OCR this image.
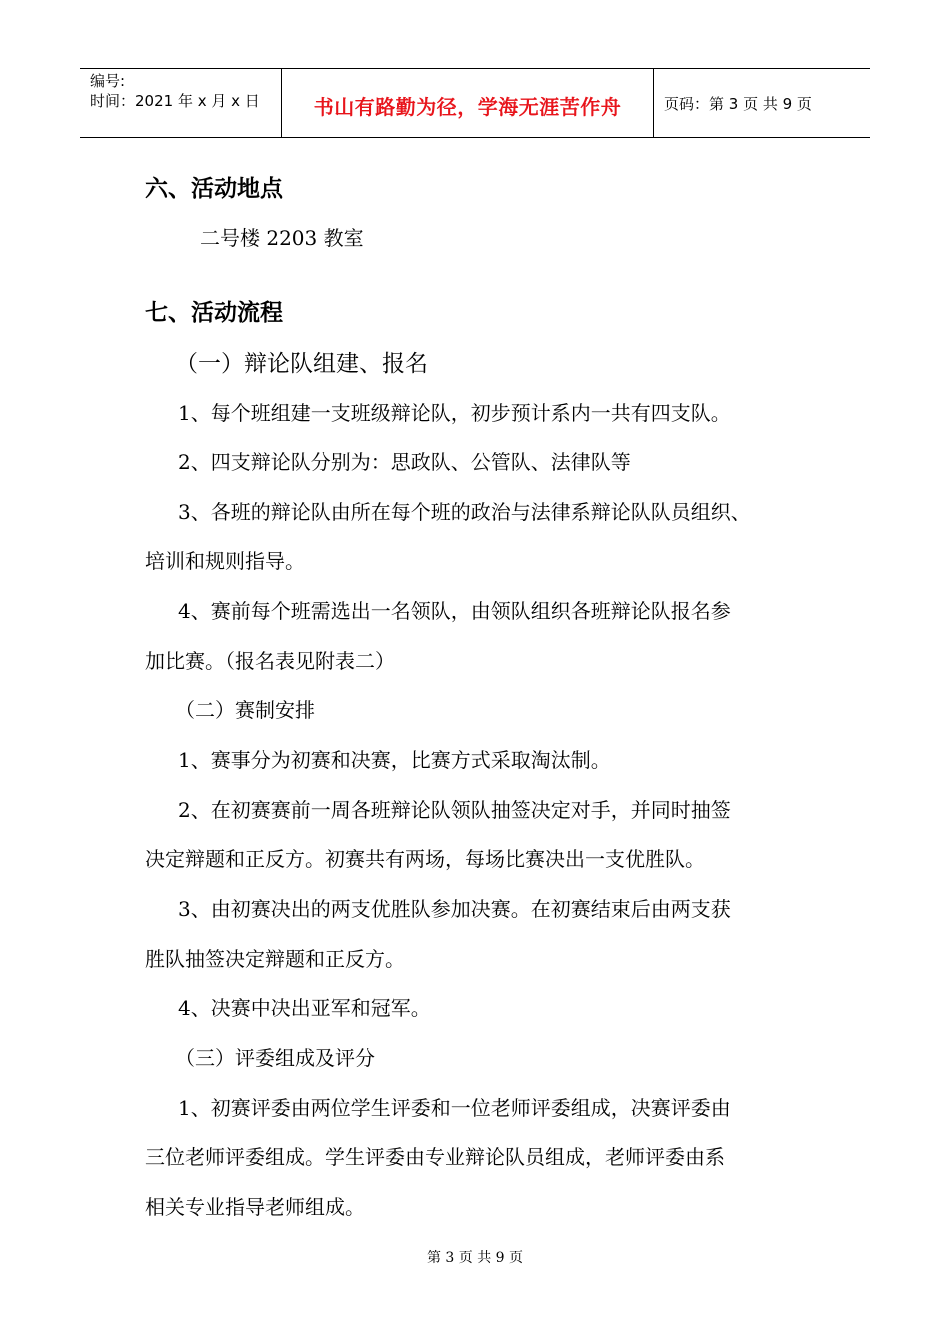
编号:
时间：2021 年 x 月 x 日	书山有路勤为径，学海无涯苦作舟	页码：第 3 页 共 9 页
六、活动地点
二号楼 2203 教室
七、活动流程
（一）辩论队组建、报名
1、每个班组建一支班级辩论队，初步预计系内一共有四支队。
2、四支辩论队分别为：思政队、公管队、法律队等
3、各班的辩论队由所在每个班的政治与法律系辩论队队员组织、
培训和规则指导。
4、赛前每个班需选出一名领队，由领队组织各班辩论队报名参
加比赛。（报名表见附表二）
（二）赛制安排
1、赛事分为初赛和决赛，比赛方式采取淘汰制。
2、在初赛赛前一周各班辩论队领队抽签决定对手，并同时抽签
决定辩题和正反方。初赛共有两场，每场比赛决出一支优胜队。
3、由初赛决出的两支优胜队参加决赛。在初赛结束后由两支获
胜队抽签决定辩题和正反方。
4、决赛中决出亚军和冠军。
（三）评委组成及评分
1、初赛评委由两位学生评委和一位老师评委组成，决赛评委由
三位老师评委组成。学生评委由专业辩论队员组成，老师评委由系
相关专业指导老师组成。
第 3 页 共 9 页
